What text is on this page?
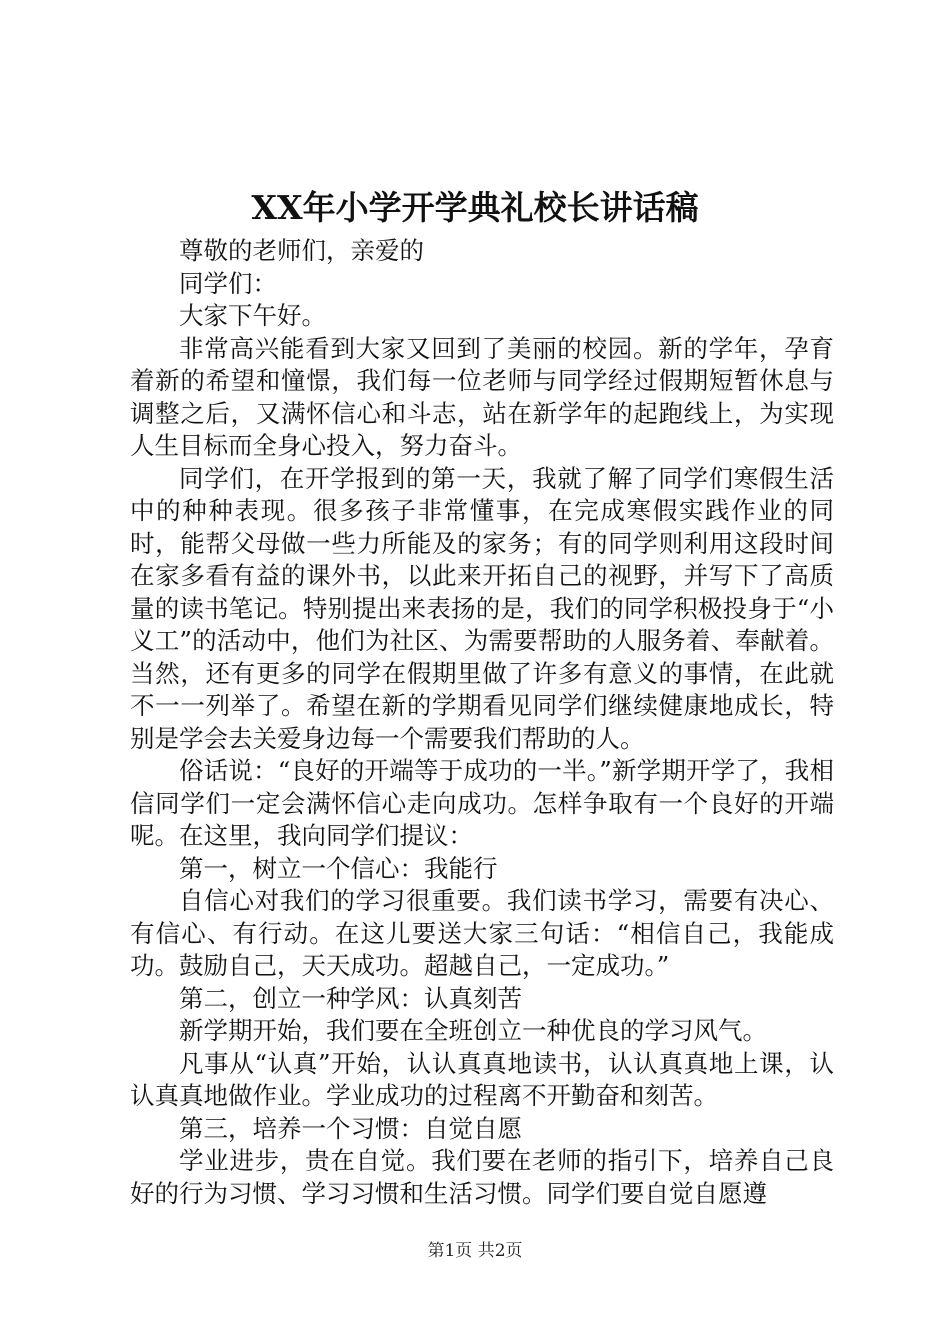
XX年小学开学典礼校长讲话稿

尊敬的老师们，亲爱的

同学们：

大家下午好。

非常高兴能看到大家又回到了美丽的校园。新的学年，孕育着新的希望和憧憬，我们每一位老师与同学经过假期短暂休息与调整之后，又满怀信心和斗志，站在新学年的起跑线上，为实现人生目标而全身心投入，努力奋斗。

同学们，在开学报到的第一天，我就了解了同学们寒假生活中的种种表现。很多孩子非常懂事，在完成寒假实践作业的同时，能帮父母做一些力所能及的家务；有的同学则利用这段时间在家多看有益的课外书，以此来开拓自己的视野，并写下了高质量的读书笔记。特别提出来表扬的是，我们的同学积极投身于“小义工”的活动中，他们为社区、为需要帮助的人服务着、奉献着。当然，还有更多的同学在假期里做了许多有意义的事情，在此就不一一列举了。希望在新的学期看见同学们继续健康地成长，特别是学会去关爱身边每一个需要我们帮助的人。

俗话说：“良好的开端等于成功的一半。”新学期开学了，我相信同学们一定会满怀信心走向成功。怎样争取有一个良好的开端呢。在这里，我向同学们提议：

第一，树立一个信心：我能行

自信心对我们的学习很重要。我们读书学习，需要有决心、有信心、有行动。在这儿要送大家三句话：“相信自己，我能成功。鼓励自己，天天成功。超越自己，一定成功。”

第二，创立一种学风：认真刻苦

新学期开始，我们要在全班创立一种优良的学习风气。

凡事从“认真”开始，认认真真地读书，认认真真地上课，认认真真地做作业。学业成功的过程离不开勤奋和刻苦。

第三，培养一个习惯：自觉自愿

学业进步，贵在自觉。我们要在老师的指引下，培养自己良好的行为习惯、学习习惯和生活习惯。同学们要自觉自愿遵

第1页 共2页
